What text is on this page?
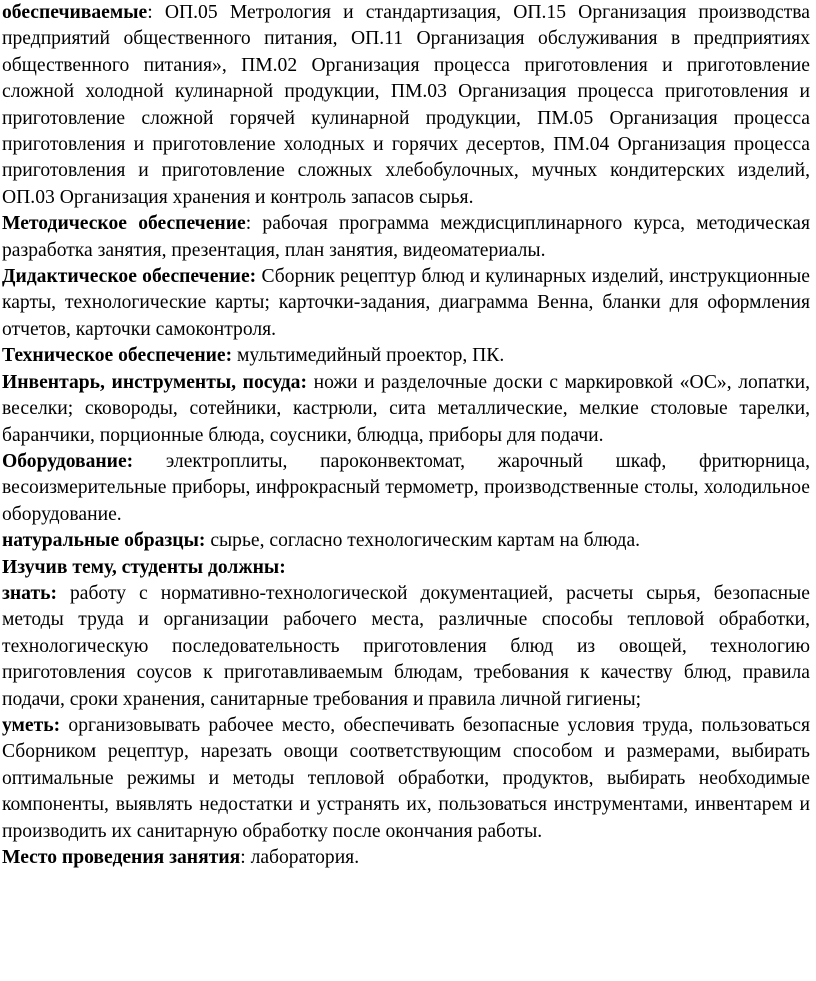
обеспечиваемые: ОП.05 Метрология и стандартизация, ОП.15 Организация производства предприятий общественного питания, ОП.11 Организация обслуживания в предприятиях общественного питания», ПМ.02 Организация процесса приготовления и приготовление сложной холодной кулинарной продукции, ПМ.03 Организация процесса приготовления и приготовление сложной горячей кулинарной продукции, ПМ.05 Организация процесса приготовления и приготовление холодных и горячих десертов, ПМ.04 Организация процесса приготовления и приготовление сложных хлебобулочных, мучных кондитерских изделий, ОП.03 Организация хранения и контроль запасов сырья.

Методическое обеспечение: рабочая программа междисциплинарного курса, методическая разработка занятия, презентация, план занятия, видеоматериалы.

Дидактическое обеспечение: Сборник рецептур блюд и кулинарных изделий, инструкционные карты, технологические карты; карточки-задания, диаграмма Венна, бланки для оформления отчетов, карточки самоконтроля.

Техническое обеспечение: мультимедийный проектор, ПК.

Инвентарь, инструменты, посуда: ножи и разделочные доски с маркировкой «ОС», лопатки, веселки; сковороды, сотейники, кастрюли, сита металлические, мелкие столовые тарелки, баранчики, порционные блюда, соусники, блюдца, приборы для подачи.

Оборудование: электроплиты, пароконвектомат, жарочный шкаф, фритюрница, весоизмерительные приборы, инфрокрасный термометр, производственные столы, холодильное оборудование.

натуральные образцы: сырье, согласно технологическим картам на блюда.

Изучив тему, студенты должны:

знать: работу с нормативно-технологической документацией, расчеты сырья, безопасные методы труда и организации рабочего места, различные способы тепловой обработки, технологическую последовательность приготовления блюд из овощей, технологию приготовления соусов к приготавливаемым блюдам, требования к качеству блюд, правила подачи, сроки хранения, санитарные требования и правила личной гигиены;

уметь: организовывать рабочее место, обеспечивать безопасные условия труда, пользоваться Сборником рецептур, нарезать овощи соответствующим способом и размерами, выбирать оптимальные режимы и методы тепловой обработки, продуктов, выбирать необходимые компоненты, выявлять недостатки и устранять их, пользоваться инструментами, инвентарем и производить их санитарную обработку после окончания работы.

Место проведения занятия: лаборатория.
